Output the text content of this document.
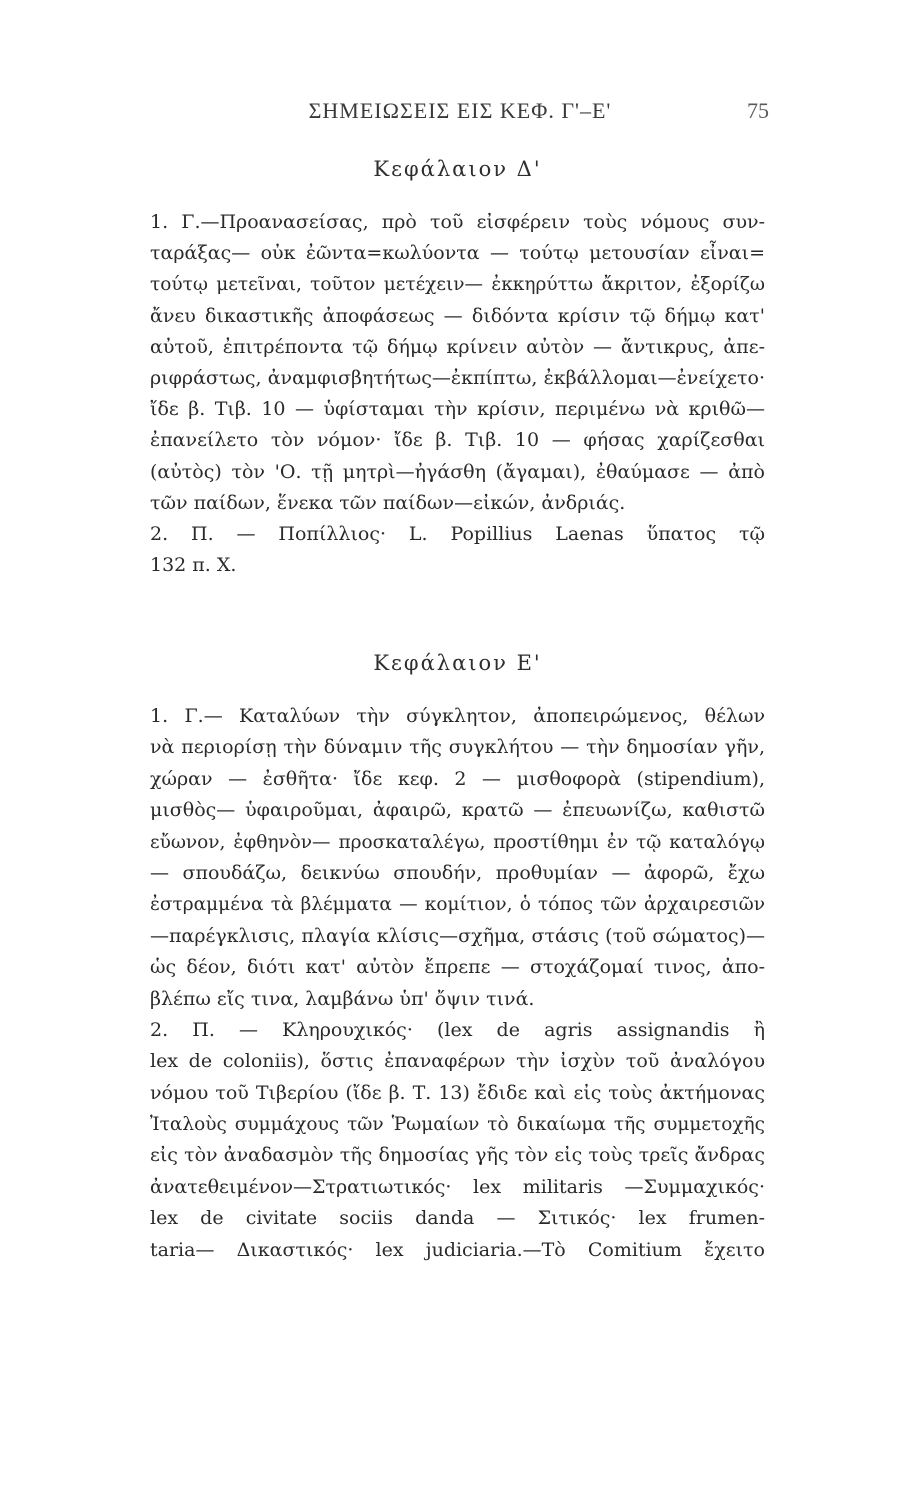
ΣΗΜΕΙΩΣΕΙΣ ΕΙΣ ΚΕΦ. Γ'–Ε'	75
Κεφάλαιον Δ'
1. Γ.—Προανασείσας, πρὸ τοῦ εἰσφέρειν τοὺς νόμους συν-
ταράξας— οὐκ ἐῶντα=κωλύοντα — τούτῳ μετουσίαν εἶναι=
τούτῳ μετεῖναι, τοῦτον μετέχειν— ἐκκηρύττω ἄκριτον, ἐξορίζω
ἄνευ δικαστικῆς ἀποφάσεως — διδόντα κρίσιν τῷ δήμῳ κατ'
αὐτοῦ, ἐπιτρέποντα τῷ δήμῳ κρίνειν αὐτὸν — ἄντικρυς, ἀπε-
ριφράστως, ἀναμφισβητήτως—ἐκπίπτω, ἐκβάλλομαι—ἐνείχετο·
ἴδε β. Τιβ. 10 — ὑφίσταμαι τὴν κρίσιν, περιμένω νὰ κριθῶ—
ἐπανείλετο τὸν νόμον· ἴδε β. Τιβ. 10 — φήσας χαρίζεσθαι
(αὐτὸς) τὸν 'Ο. τῇ μητρὶ—ἠγάσθη (ἄγαμαι), ἐθαύμασε — ἀπὸ
τῶν παίδων, ἕνεκα τῶν παίδων—εἰκών, ἀνδριάς.
2. Π. — Ποπίλλιος· L. Popillius Laenas ὕπατος τῷ
132 π. Χ.
Κεφάλαιον Ε'
1. Γ.— Καταλύων τὴν σύγκλητον, ἀποπειρώμενος, θέλων
νὰ περιορίσῃ τὴν δύναμιν τῆς συγκλήτου — τὴν δημοσίαν γῆν,
χώραν — ἐσθῆτα· ἴδε κεφ. 2 — μισθοφορὰ (stipendium),
μισθὸς— ὑφαιροῦμαι, ἀφαιρῶ, κρατῶ — ἐπευωνίζω, καθιστῶ
εὔωνον, ἐφθηνὸν— προσκαταλέγω, προστίθημι ἐν τῷ καταλόγῳ
— σπουδάζω, δεικνύω σπουδήν, προθυμίαν — ἀφορῶ, ἔχω
ἐστραμμένα τὰ βλέμματα — κομίτιον, ὁ τόπος τῶν ἀρχαιρεσιῶν
—παρέγκλισις, πλαγία κλίσις—σχῆμα, στάσις (τοῦ σώματος)—
ὡς δέον, διότι κατ' αὐτὸν ἔπρεπε — στοχάζομαί τινος, ἀπο-
βλέπω εἴς τινα, λαμβάνω ὑπ' ὄψιν τινά.
2. Π. — Κληρουχικός· (lex de agris assignandis ἢ
lex de coloniis), ὅστις ἐπαναφέρων τὴν ἰσχὺν τοῦ ἀναλόγου
νόμου τοῦ Τιβερίου (ἴδε β. Τ. 13) ἔδιδε καὶ εἰς τοὺς ἀκτήμονας
Ἰταλοὺς συμμάχους τῶν Ῥωμαίων τὸ δικαίωμα τῆς συμμετοχῆς
εἰς τὸν ἀναδασμὸν τῆς δημοσίας γῆς τὸν εἰς τοὺς τρεῖς ἄνδρας
ἀνατεθειμένον—Στρατιωτικός· lex militaris —Συμμαχικός·
lex de civitate sociis danda — Σιτικός· lex frumen-
taria— Δικαστικός· lex judiciaria.—Τὸ Comitium ἔχειτο
